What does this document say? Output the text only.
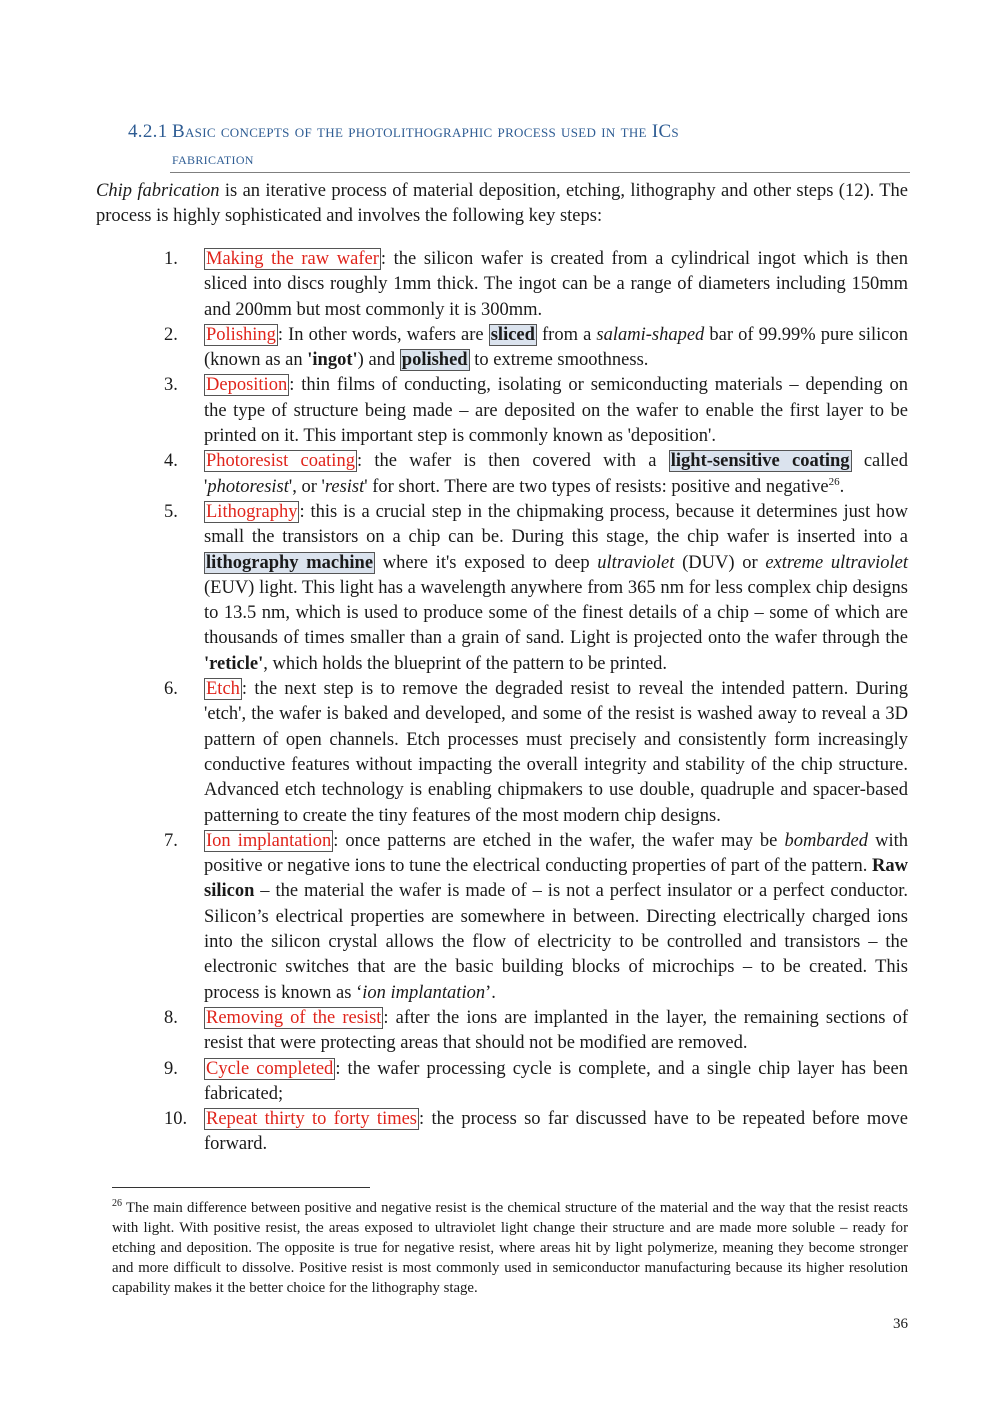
4.2.1 Basic concepts of the photolithographic process used in the ICs
fabrication

Chip fabrication is an iterative process of material deposition, etching, lithography and other steps (12). The process is highly sophisticated and involves the following key steps:

1. Making the raw wafer : the silicon wafer is created from a cylindrical ingot which is then sliced into discs roughly 1mm thick. The ingot can be a range of diameters including 150mm and 200mm but most commonly it is 300mm.
2. Polishing : In other words, wafers are sliced from a salami-shaped bar of 99.99% pure silicon (known as an 'ingot') and polished to extreme smoothness.
3. Deposition : thin films of conducting, isolating or semiconducting materials – depending on the type of structure being made – are deposited on the wafer to enable the first layer to be printed on it. This important step is commonly known as 'deposition'.
4. Photoresist coating : the wafer is then covered with a light-sensitive coating called 'photoresist', or 'resist' for short. There are two types of resists: positive and negative$^{26}$.
5. Lithography : this is a crucial step in the chipmaking process, because it determines just how small the transistors on a chip can be. During this stage, the chip wafer is inserted into a lithography machine where it's exposed to deep ultraviolet (DUV) or extreme ultraviolet (EUV) light. This light has a wavelength anywhere from 365 nm for less complex chip designs to 13.5 nm, which is used to produce some of the finest details of a chip – some of which are thousands of times smaller than a grain of sand. Light is projected onto the wafer through the 'reticle', which holds the blueprint of the pattern to be printed.
6. Etch : the next step is to remove the degraded resist to reveal the intended pattern. During 'etch', the wafer is baked and developed, and some of the resist is washed away to reveal a 3D pattern of open channels. Etch processes must precisely and consistently form increasingly conductive features without impacting the overall integrity and stability of the chip structure. Advanced etch technology is enabling chipmakers to use double, quadruple and spacer-based patterning to create the tiny features of the most modern chip designs.
7. Ion implantation : once patterns are etched in the wafer, the wafer may be bombarded with positive or negative ions to tune the electrical conducting properties of part of the pattern. Raw silicon – the material the wafer is made of – is not a perfect insulator or a perfect conductor. Silicon’s electrical properties are somewhere in between. Directing electrically charged ions into the silicon crystal allows the flow of electricity to be controlled and transistors – the electronic switches that are the basic building blocks of microchips – to be created. This process is known as ‘ion implantation’.
8. Removing of the resist : after the ions are implanted in the layer, the remaining sections of resist that were protecting areas that should not be modified are removed.
9. Cycle completed : the wafer processing cycle is complete, and a single chip layer has been fabricated;
10. Repeat thirty to forty times : the process so far discussed have to be repeated before move forward.

$^{26}$ The main difference between positive and negative resist is the chemical structure of the material and the way that the resist reacts with light. With positive resist, the areas exposed to ultraviolet light change their structure and are made more soluble – ready for etching and deposition. The opposite is true for negative resist, where areas hit by light polymerize, meaning they become stronger and more difficult to dissolve. Positive resist is most commonly used in semiconductor manufacturing because its higher resolution capability makes it the better choice for the lithography stage.

36
